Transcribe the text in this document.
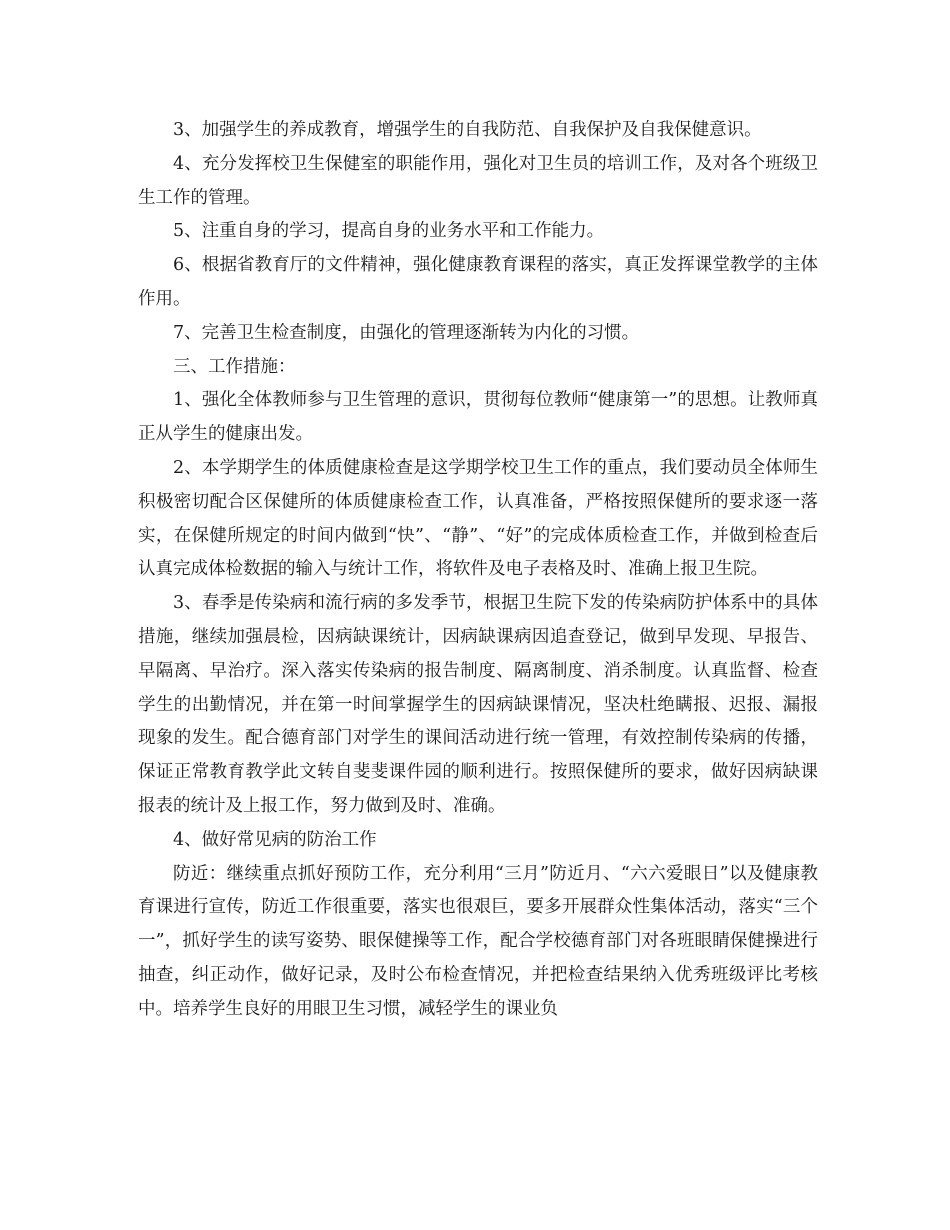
3、加强学生的养成教育，增强学生的自我防范、自我保护及自我保健意识。

4、充分发挥校卫生保健室的职能作用，强化对卫生员的培训工作，及对各个班级卫生工作的管理。

5、注重自身的学习，提高自身的业务水平和工作能力。

6、根据省教育厅的文件精神，强化健康教育课程的落实，真正发挥课堂教学的主体作用。

7、完善卫生检查制度，由强化的管理逐渐转为内化的习惯。

三、工作措施：

1、强化全体教师参与卫生管理的意识，贯彻每位教师“健康第一”的思想。让教师真正从学生的健康出发。

2、本学期学生的体质健康检查是这学期学校卫生工作的重点，我们要动员全体师生积极密切配合区保健所的体质健康检查工作，认真准备，严格按照保健所的要求逐一落实，在保健所规定的时间内做到“快”、“静”、“好”的完成体质检查工作，并做到检查后认真完成体检数据的输入与统计工作，将软件及电子表格及时、准确上报卫生院。

3、春季是传染病和流行病的多发季节，根据卫生院下发的传染病防护体系中的具体措施，继续加强晨检，因病缺课统计，因病缺课病因追查登记，做到早发现、早报告、早隔离、早治疗。深入落实传染病的报告制度、隔离制度、消杀制度。认真监督、检查学生的出勤情况，并在第一时间掌握学生的因病缺课情况，坚决杜绝瞒报、迟报、漏报现象的发生。配合德育部门对学生的课间活动进行统一管理，有效控制传染病的传播，保证正常教育教学此文转自斐斐课件园的顺利进行。按照保健所的要求，做好因病缺课报表的统计及上报工作，努力做到及时、准确。

4、做好常见病的防治工作

防近：继续重点抓好预防工作，充分利用“三月”防近月、“六六爱眼日”以及健康教育课进行宣传，防近工作很重要，落实也很艰巨，要多开展群众性集体活动，落实“三个一”，抓好学生的读写姿势、眼保健操等工作，配合学校德育部门对各班眼睛保健操进行抽查，纠正动作，做好记录，及时公布检查情况，并把检查结果纳入优秀班级评比考核中。培养学生良好的用眼卫生习惯，减轻学生的课业负
